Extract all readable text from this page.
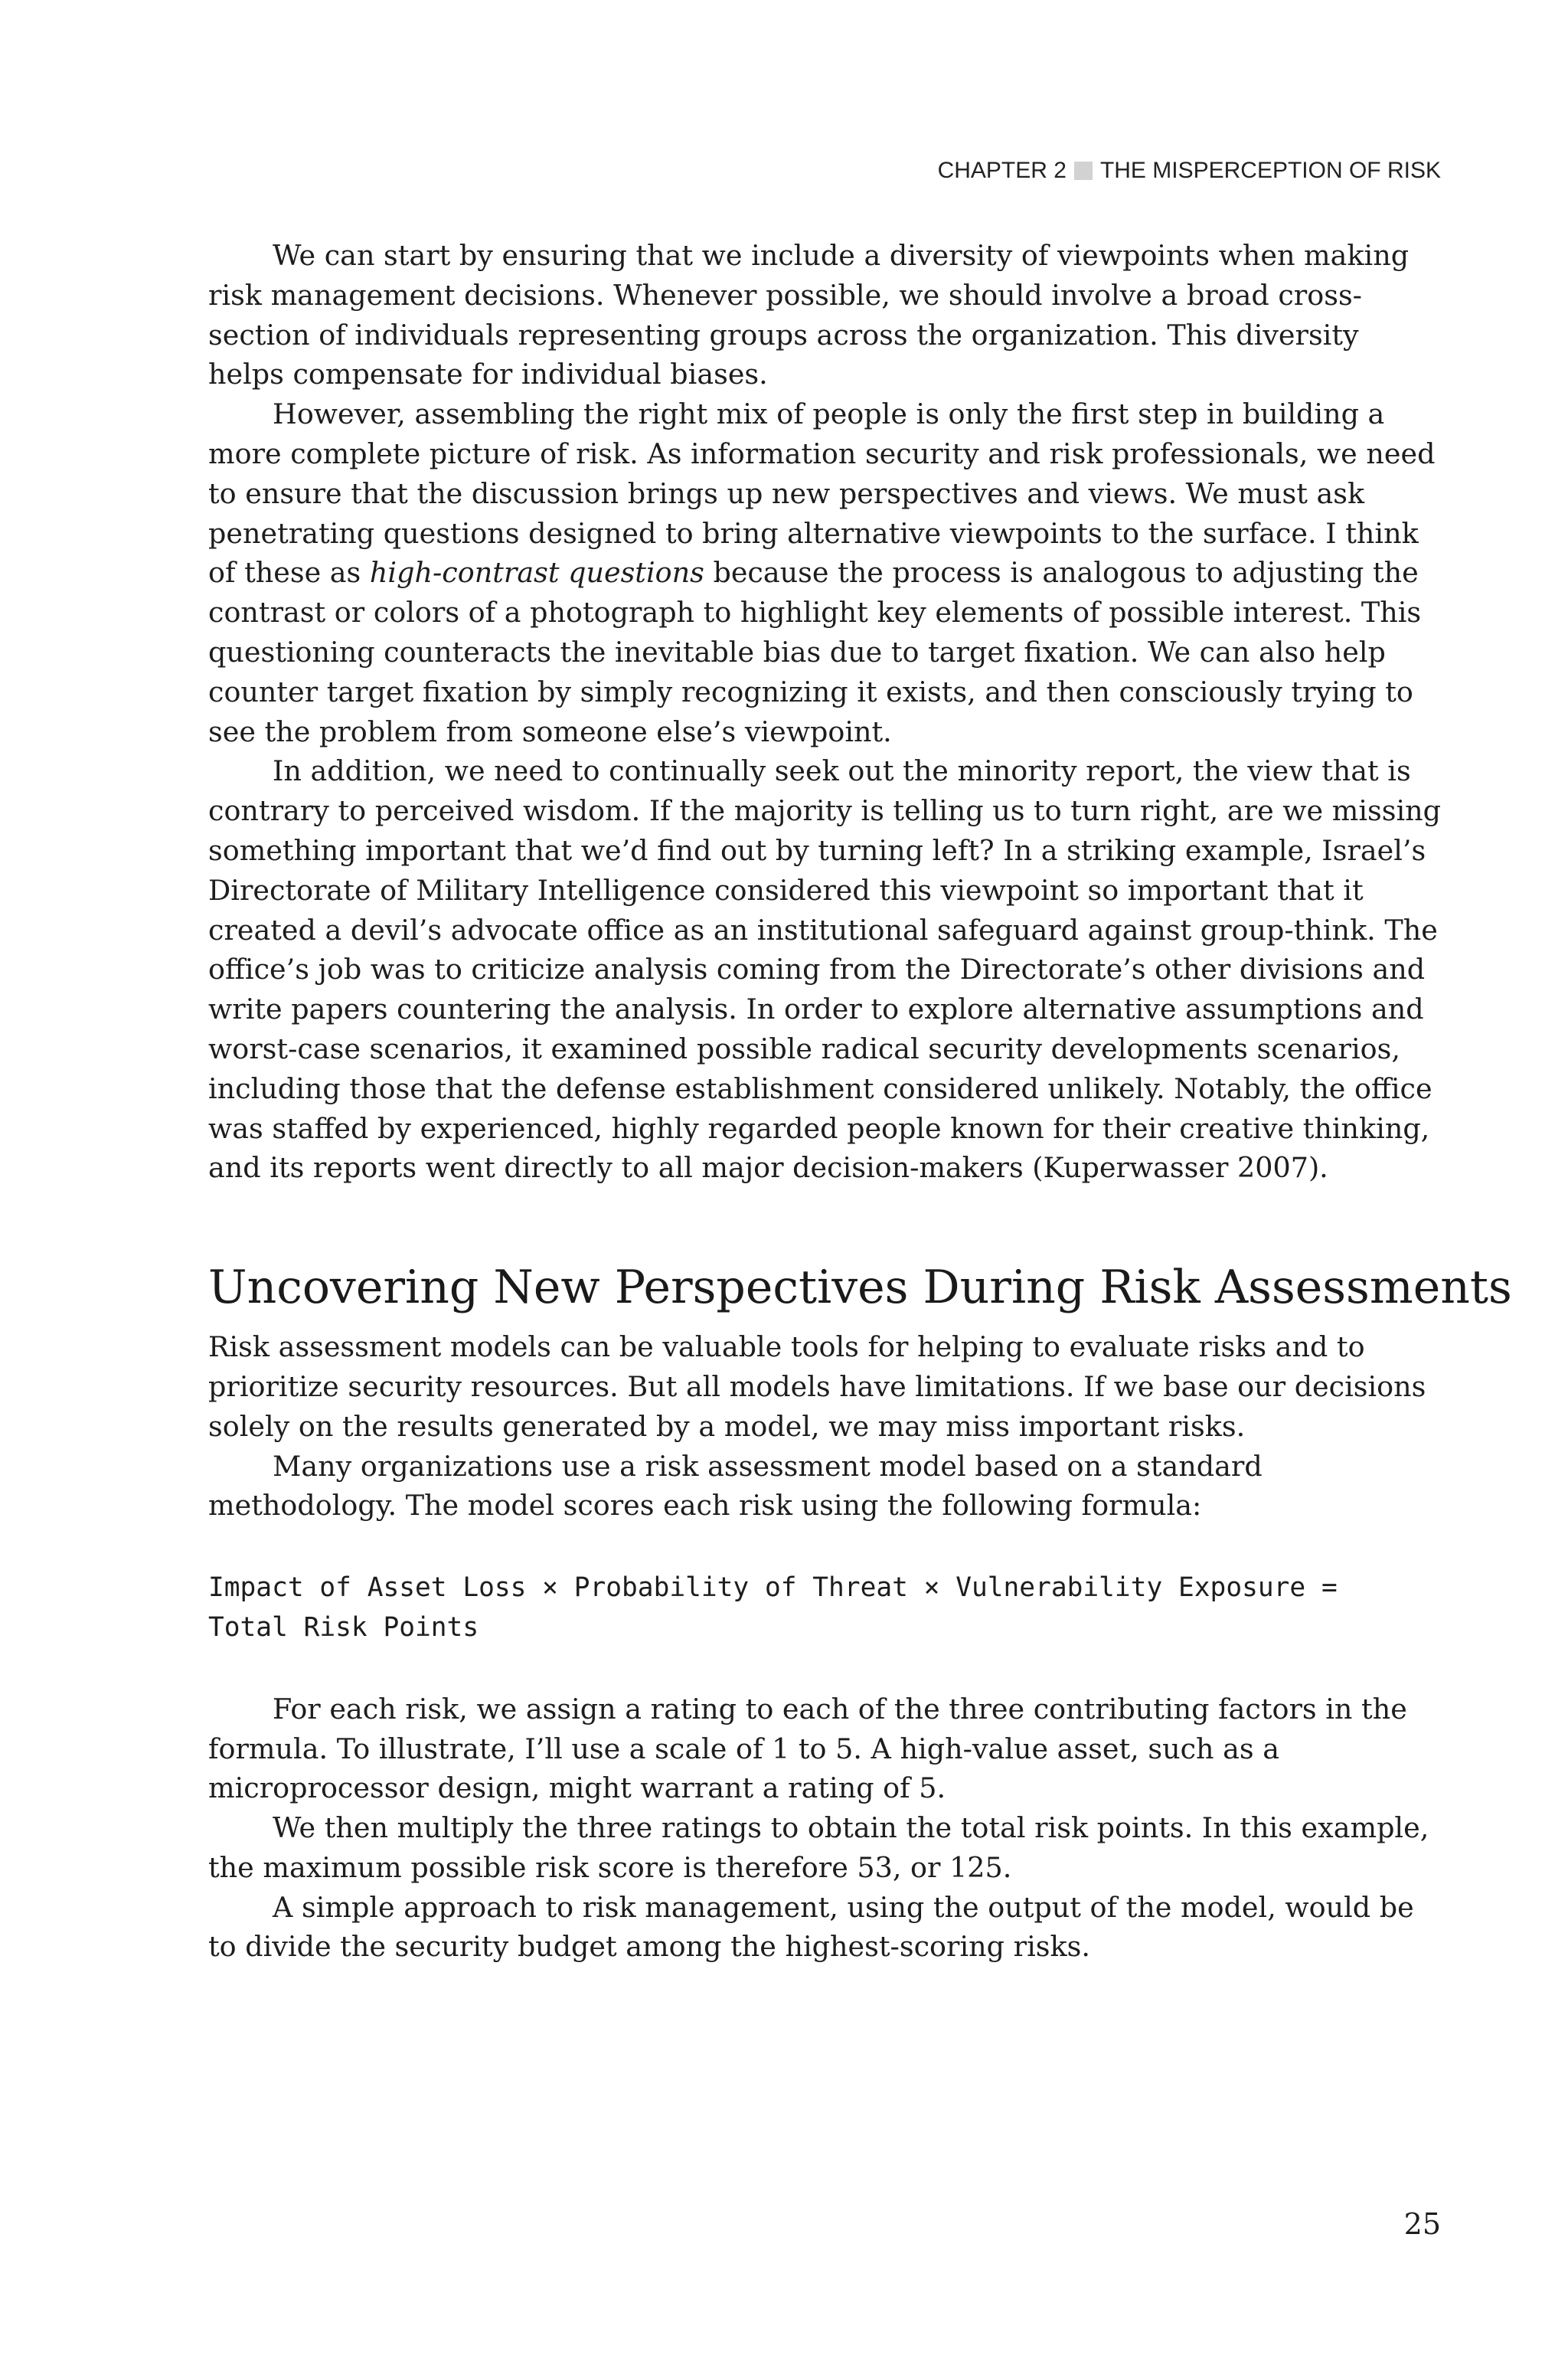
CHAPTER 2 THE MISPERCEPTION OF RISK

We can start by ensuring that we include a diversity of viewpoints when making risk management decisions. Whenever possible, we should involve a broad cross-section of individuals representing groups across the organization. This diversity helps compensate for individual biases.

However, assembling the right mix of people is only the first step in building a more complete picture of risk. As information security and risk professionals, we need to ensure that the discussion brings up new perspectives and views. We must ask penetrating questions designed to bring alternative viewpoints to the surface. I think of these as high-contrast questions because the process is analogous to adjusting the contrast or colors of a photograph to highlight key elements of possible interest. This questioning counteracts the inevitable bias due to target fixation. We can also help counter target fixation by simply recognizing it exists, and then consciously trying to see the problem from someone else’s viewpoint.

In addition, we need to continually seek out the minority report, the view that is contrary to perceived wisdom. If the majority is telling us to turn right, are we missing something important that we’d find out by turning left? In a striking example, Israel’s Directorate of Military Intelligence considered this viewpoint so important that it created a devil’s advocate office as an institutional safeguard against group-think. The office’s job was to criticize analysis coming from the Directorate’s other divisions and write papers countering the analysis. In order to explore alternative assumptions and worst-case scenarios, it examined possible radical security developments scenarios, including those that the defense establishment considered unlikely. Notably, the office was staffed by experienced, highly regarded people known for their creative thinking, and its reports went directly to all major decision-makers (Kuperwasser 2007).

Uncovering New Perspectives During Risk Assessments

Risk assessment models can be valuable tools for helping to evaluate risks and to prioritize security resources. But all models have limitations. If we base our decisions solely on the results generated by a model, we may miss important risks.

Many organizations use a risk assessment model based on a standard methodology. The model scores each risk using the following formula:

Impact of Asset Loss × Probability of Threat × Vulnerability Exposure =
Total Risk Points

For each risk, we assign a rating to each of the three contributing factors in the formula. To illustrate, I’ll use a scale of 1 to 5. A high-value asset, such as a microprocessor design, might warrant a rating of 5.

We then multiply the three ratings to obtain the total risk points. In this example, the maximum possible risk score is therefore 53, or 125.

A simple approach to risk management, using the output of the model, would be to divide the security budget among the highest-scoring risks.

25
